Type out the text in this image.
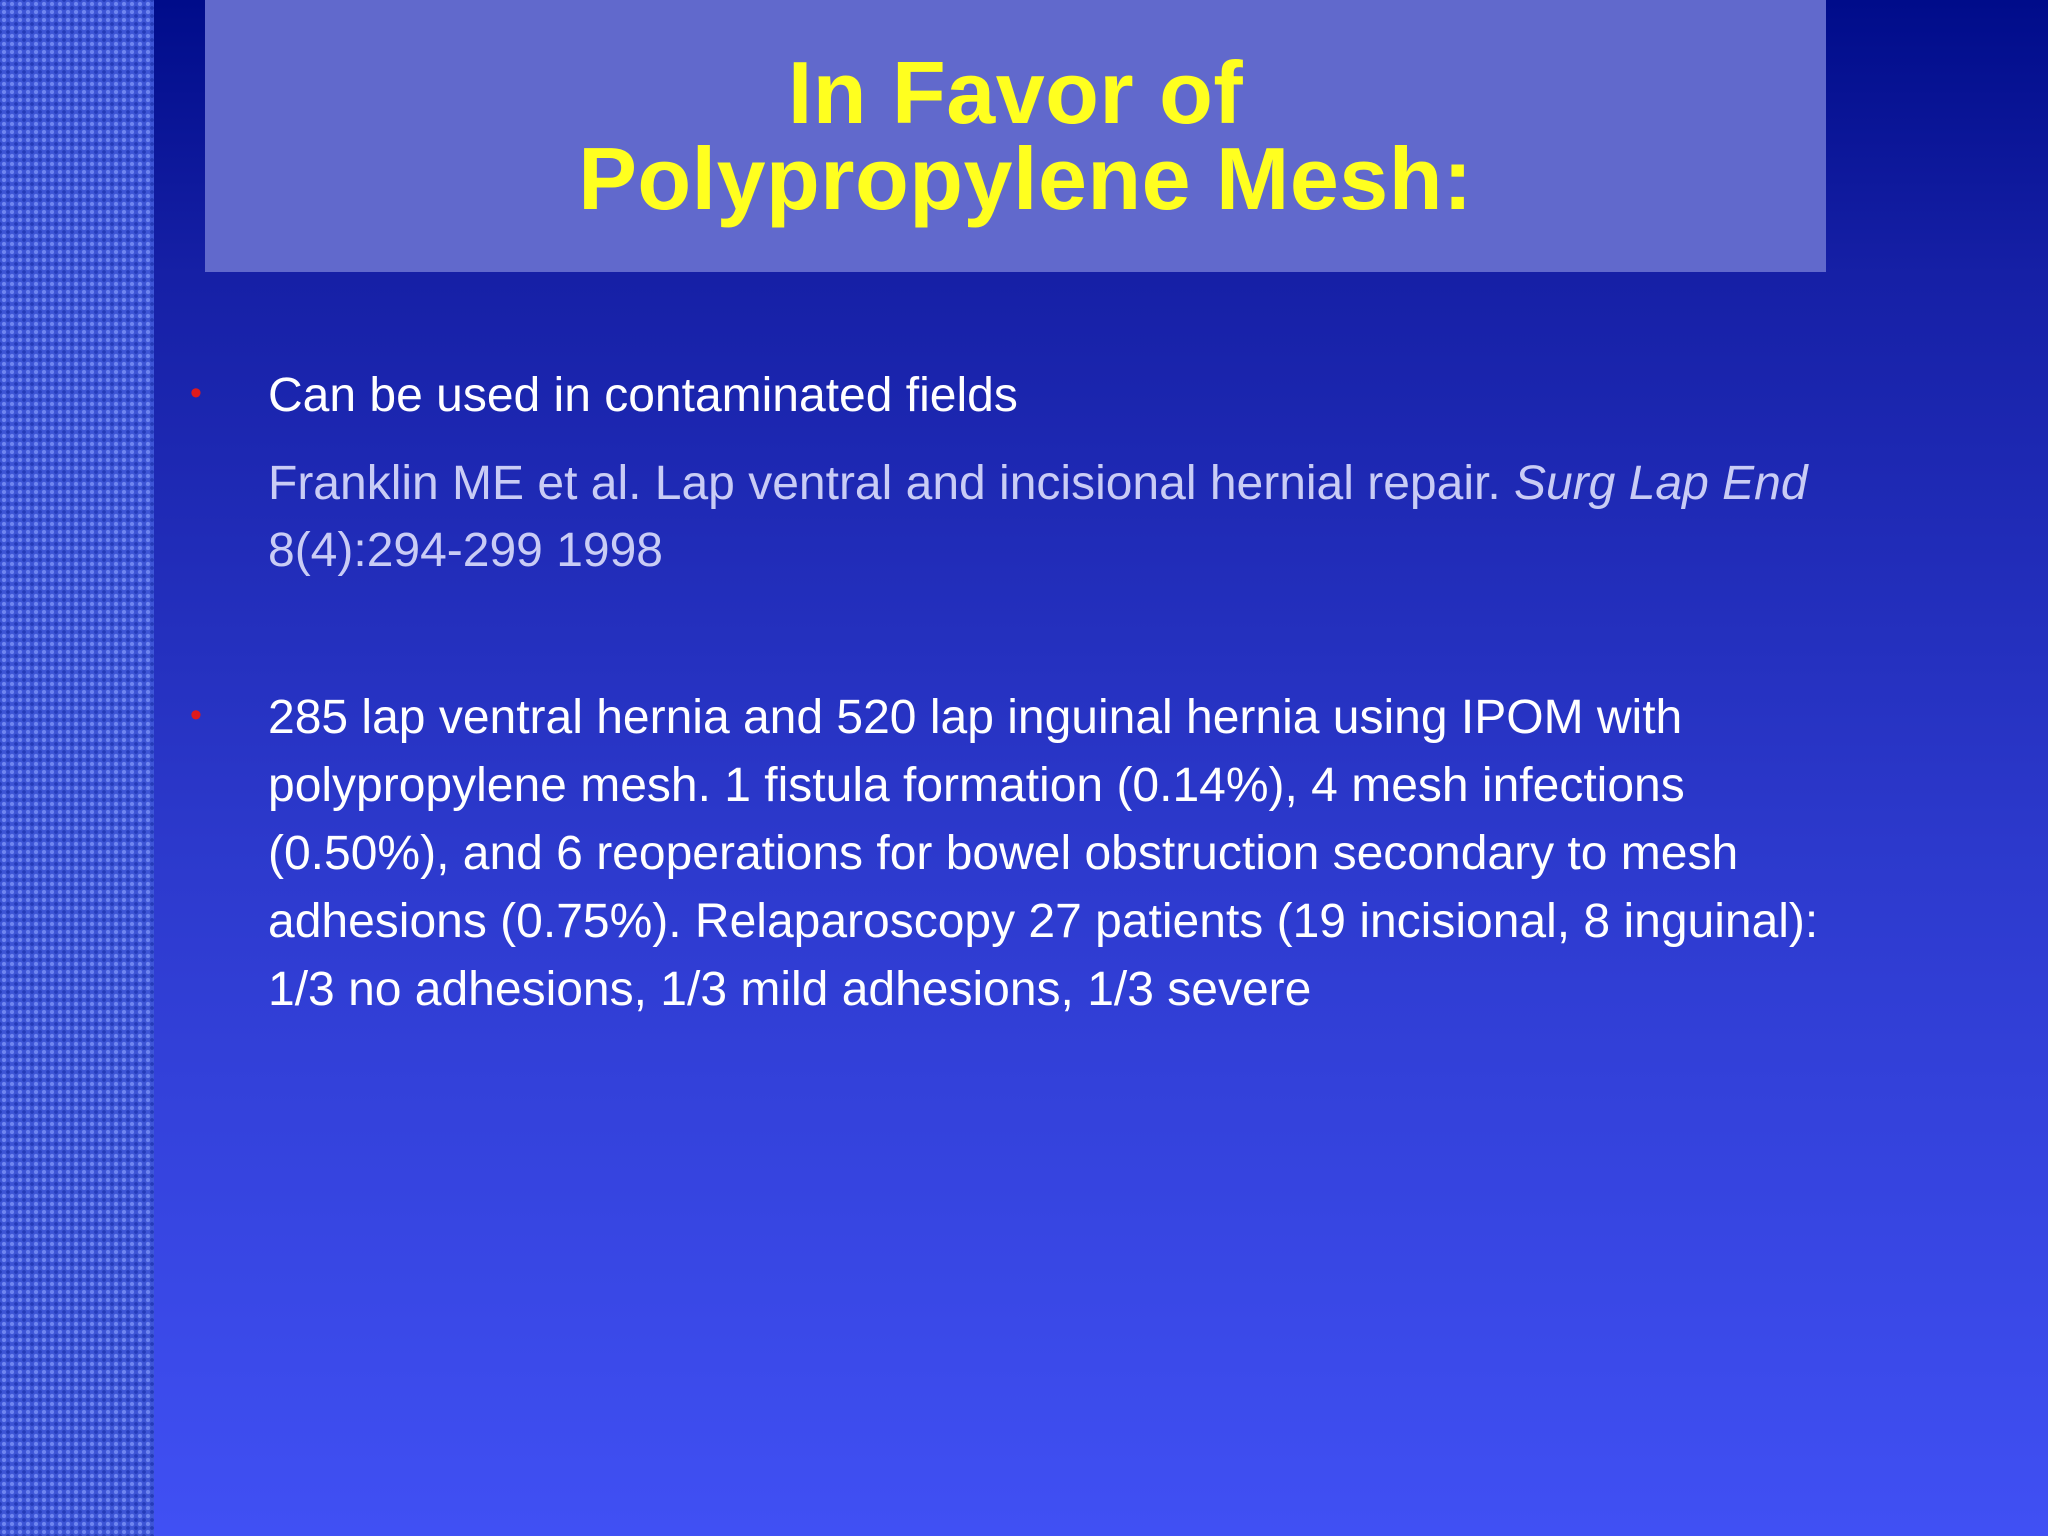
In Favor of
Polypropylene Mesh:
• Can be used in contaminated fields
Franklin ME et al. Lap ventral and incisional hernial repair. Surg Lap End 8(4):294-299 1998
• 285 lap ventral hernia and 520 lap inguinal hernia using IPOM with polypropylene mesh. 1 fistula formation (0.14%), 4 mesh infections (0.50%), and 6 reoperations for bowel obstruction secondary to mesh adhesions (0.75%). Relaparoscopy 27 patients (19 incisional, 8 inguinal): 1/3 no adhesions, 1/3 mild adhesions, 1/3 severe
